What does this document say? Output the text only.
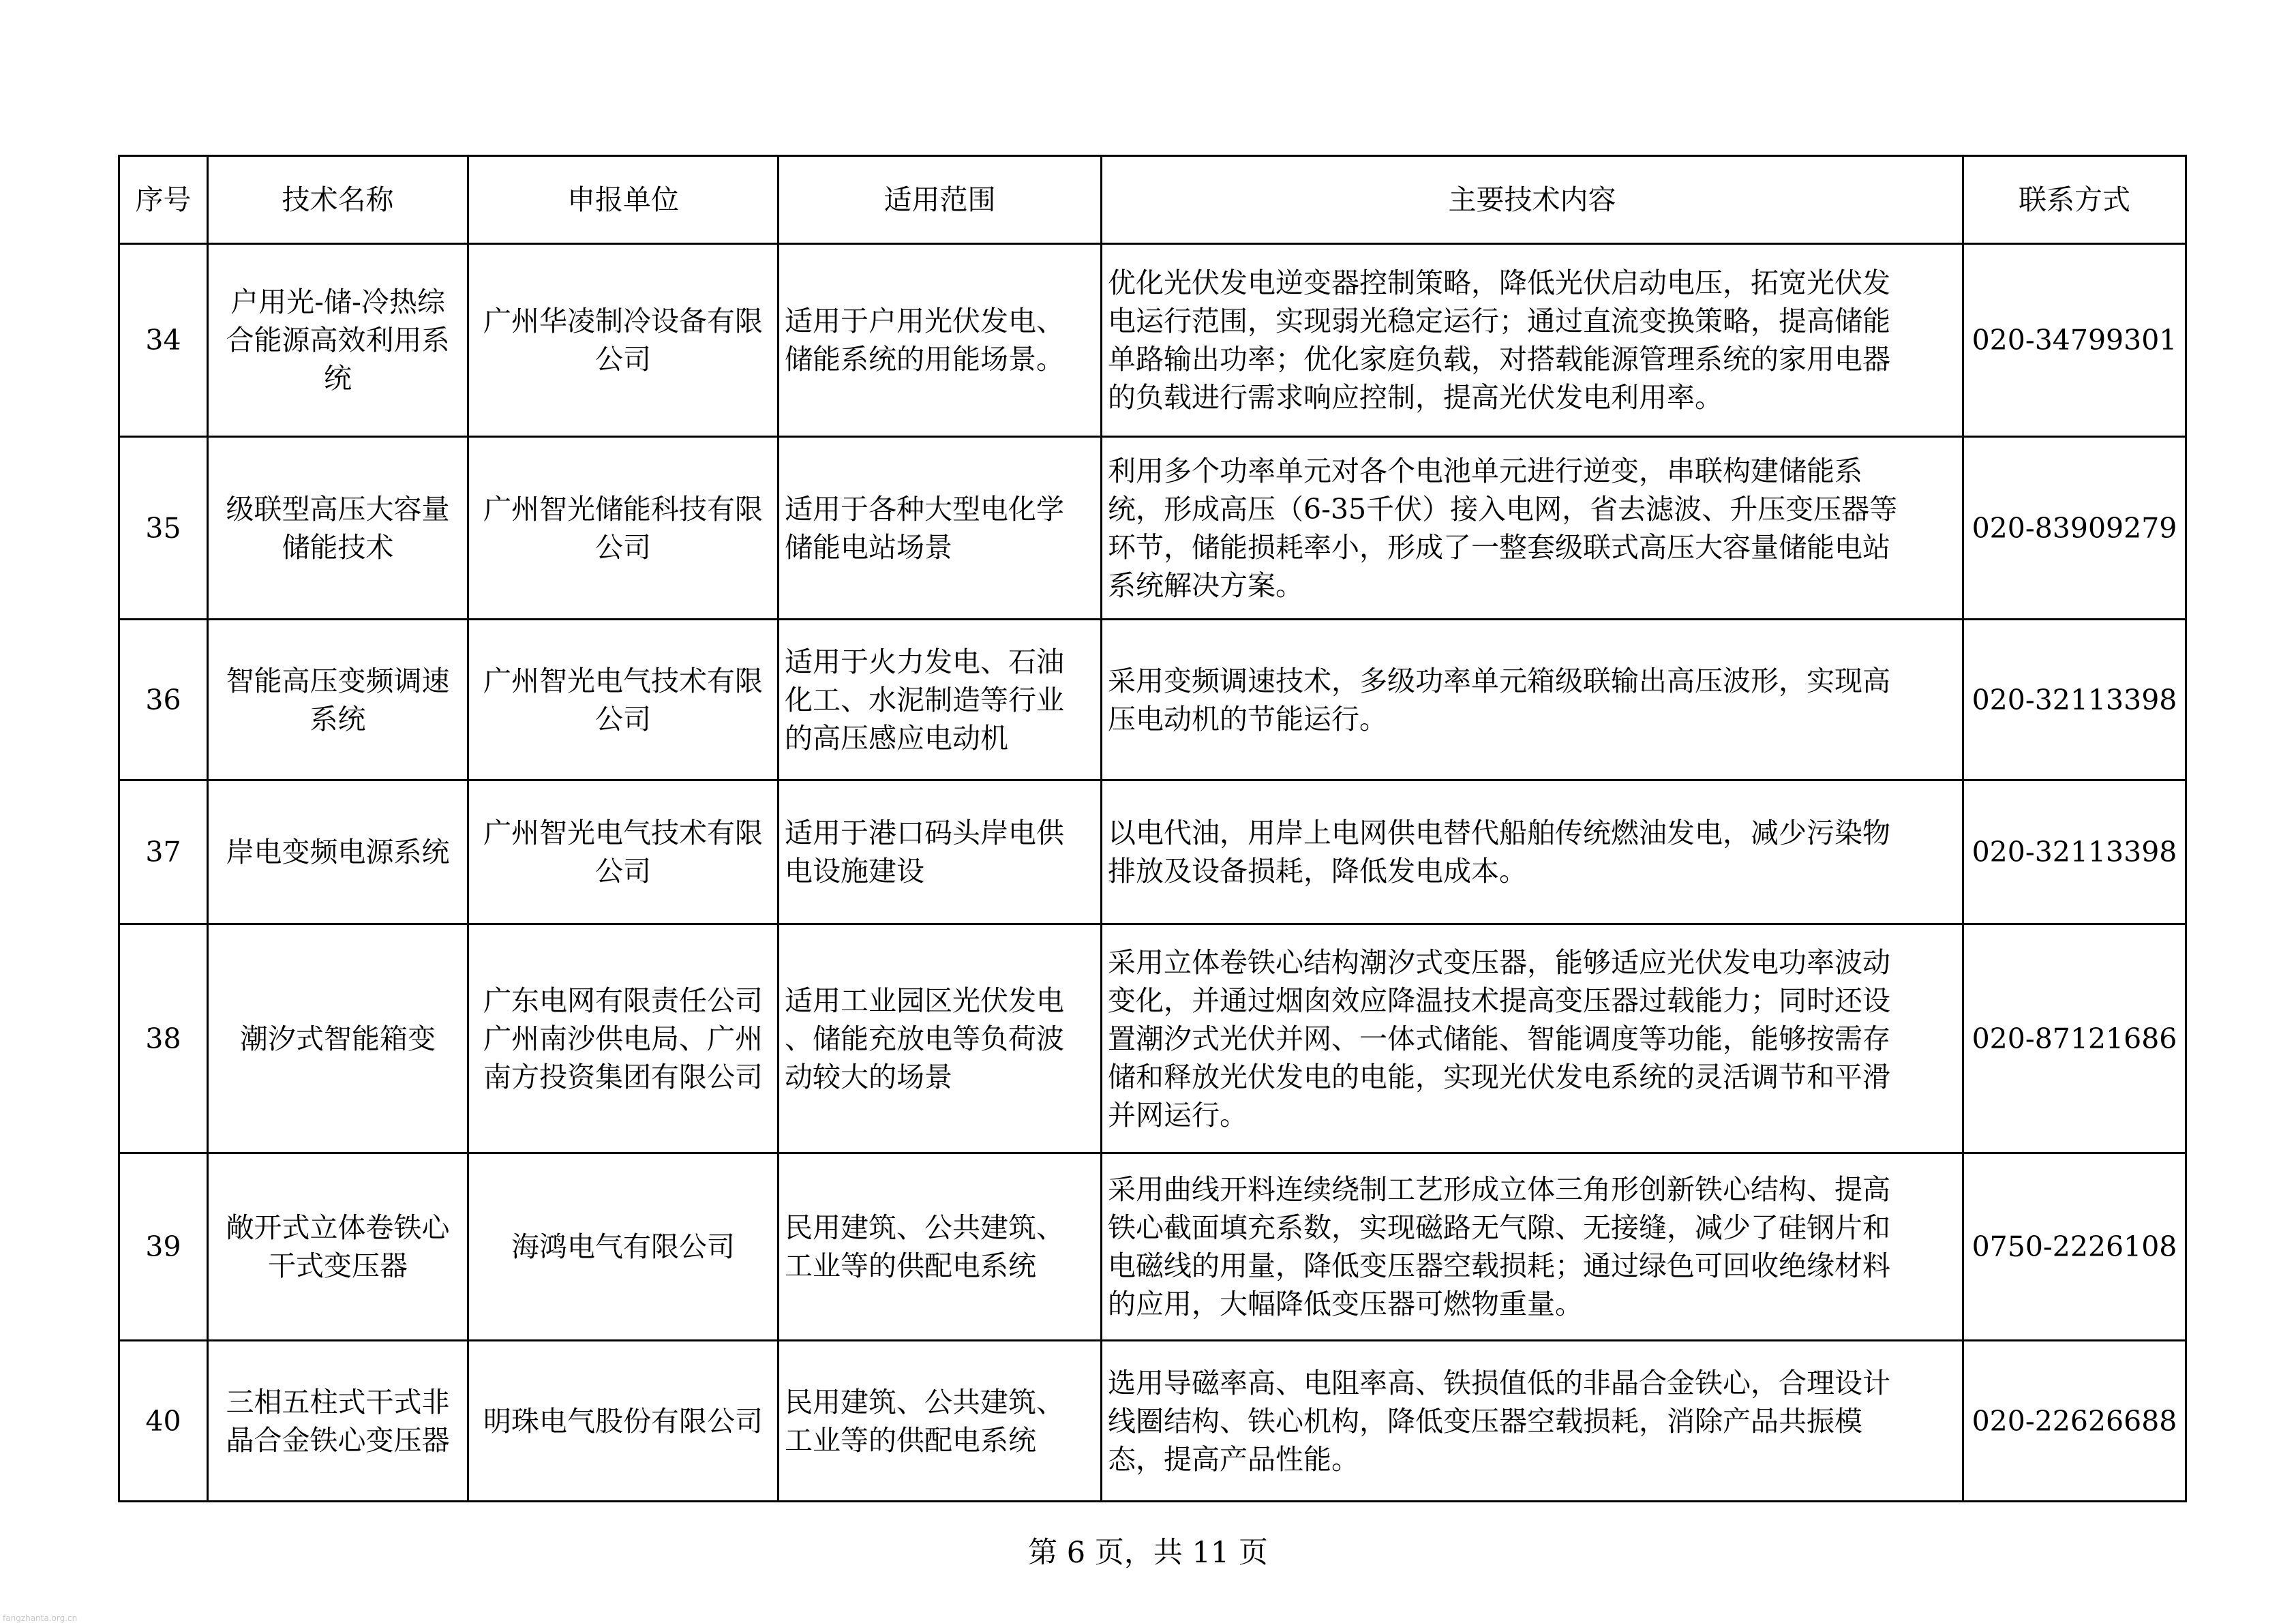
序号	技术名称	申报单位	适用范围	主要技术内容	联系方式
34	户用光-储-冷热综
合能源高效利用系
统	广州华凌制冷设备有限
公司	适用于户用光伏发电、
储能系统的用能场景。	优化光伏发电逆变器控制策略，降低光伏启动电压，拓宽光伏发
电运行范围，实现弱光稳定运行；通过直流变换策略，提高储能
单路输出功率；优化家庭负载，对搭载能源管理系统的家用电器
的负载进行需求响应控制，提高光伏发电利用率。	020-34799301
35	级联型高压大容量
储能技术	广州智光储能科技有限
公司	适用于各种大型电化学
储能电站场景	利用多个功率单元对各个电池单元进行逆变，串联构建储能系
统，形成高压（6-35千伏）接入电网，省去滤波、升压变压器等
环节，储能损耗率小，形成了一整套级联式高压大容量储能电站
系统解决方案。	020-83909279
36	智能高压变频调速
系统	广州智光电气技术有限
公司	适用于火力发电、石油
化工、水泥制造等行业
的高压感应电动机	采用变频调速技术，多级功率单元箱级联输出高压波形，实现高
压电动机的节能运行。	020-32113398
37	岸电变频电源系统	广州智光电气技术有限
公司	适用于港口码头岸电供
电设施建设	以电代油，用岸上电网供电替代船舶传统燃油发电，减少污染物
排放及设备损耗，降低发电成本。	020-32113398
38	潮汐式智能箱变	广东电网有限责任公司
广州南沙供电局、广州
南方投资集团有限公司	适用工业园区光伏发电
、储能充放电等负荷波
动较大的场景	采用立体卷铁心结构潮汐式变压器，能够适应光伏发电功率波动
变化，并通过烟囱效应降温技术提高变压器过载能力；同时还设
置潮汐式光伏并网、一体式储能、智能调度等功能，能够按需存
储和释放光伏发电的电能，实现光伏发电系统的灵活调节和平滑
并网运行。	020-87121686
39	敞开式立体卷铁心
干式变压器	海鸿电气有限公司	民用建筑、公共建筑、
工业等的供配电系统	采用曲线开料连续绕制工艺形成立体三角形创新铁心结构、提高
铁心截面填充系数，实现磁路无气隙、无接缝，减少了硅钢片和
电磁线的用量，降低变压器空载损耗；通过绿色可回收绝缘材料
的应用，大幅降低变压器可燃物重量。	0750-2226108
40	三相五柱式干式非
晶合金铁心变压器	明珠电气股份有限公司	民用建筑、公共建筑、
工业等的供配电系统	选用导磁率高、电阻率高、铁损值低的非晶合金铁心，合理设计
线圈结构、铁心机构，降低变压器空载损耗，消除产品共振模
态，提高产品性能。	020-22626688
第 6 页，共 11 页
fangzhanta.org.cn
